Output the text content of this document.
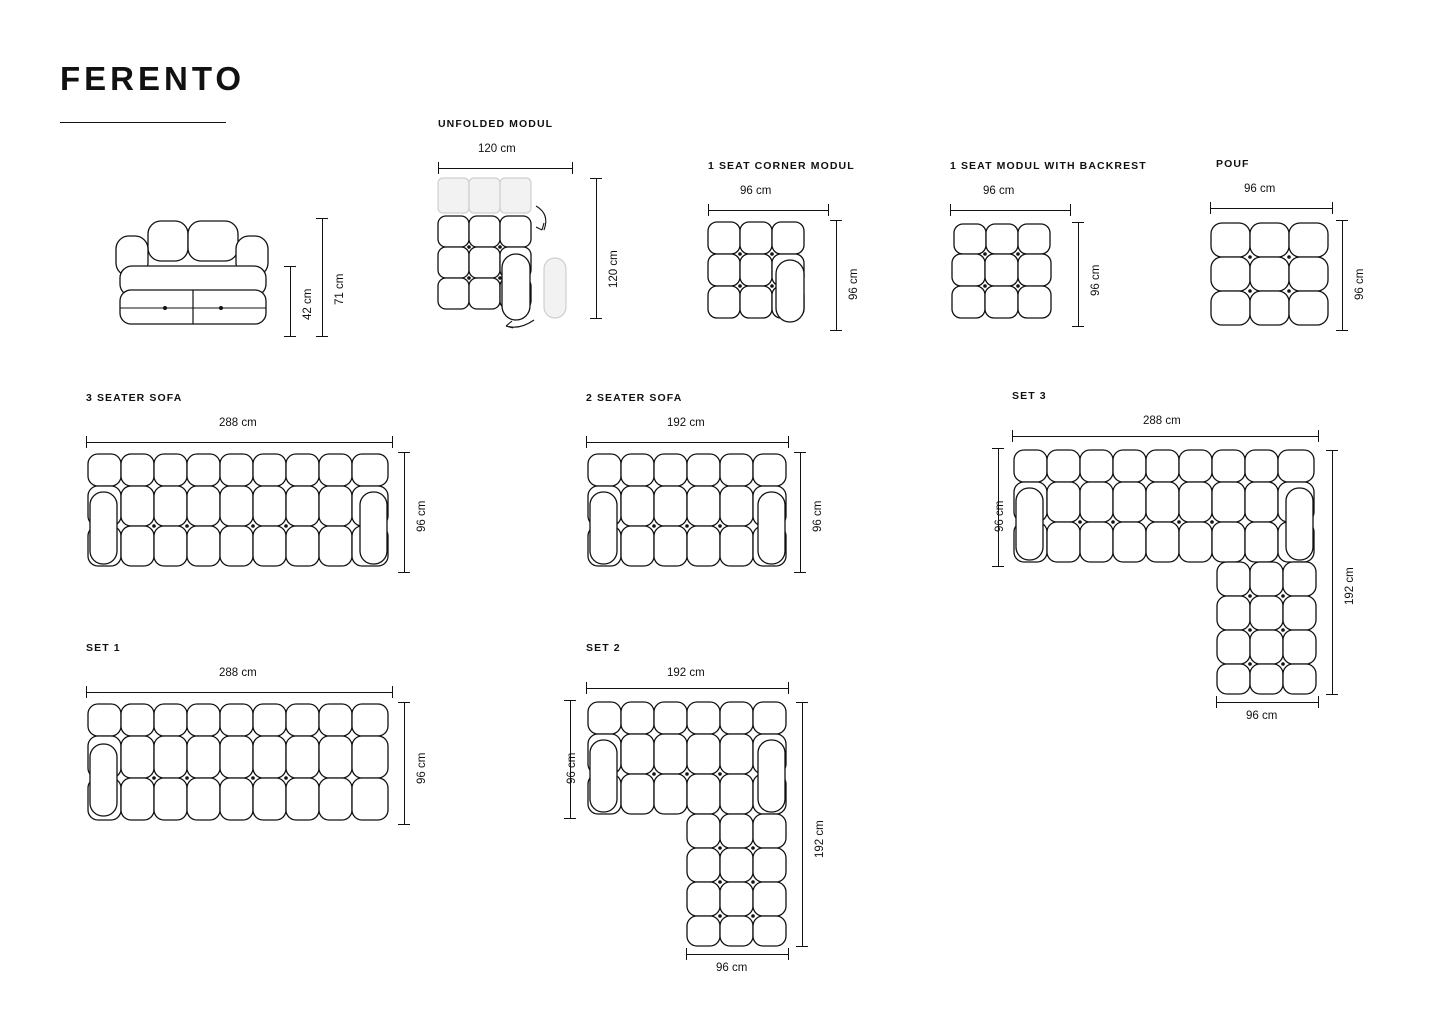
FERENTO
71 cm
42 cm
UNFOLDED MODUL
120 cm
120 cm
1 SEAT CORNER MODUL
96 cm
96 cm
1 SEAT MODUL WITH BACKREST
96 cm
96 cm
POUF
96 cm
96 cm
3 SEATER SOFA
288 cm
96 cm
2 SEATER SOFA
192 cm
96 cm
SET 3
288 cm
96 cm
192 cm
96 cm
SET 1
288 cm
96 cm
SET 2
192 cm
96 cm
192 cm
96 cm
